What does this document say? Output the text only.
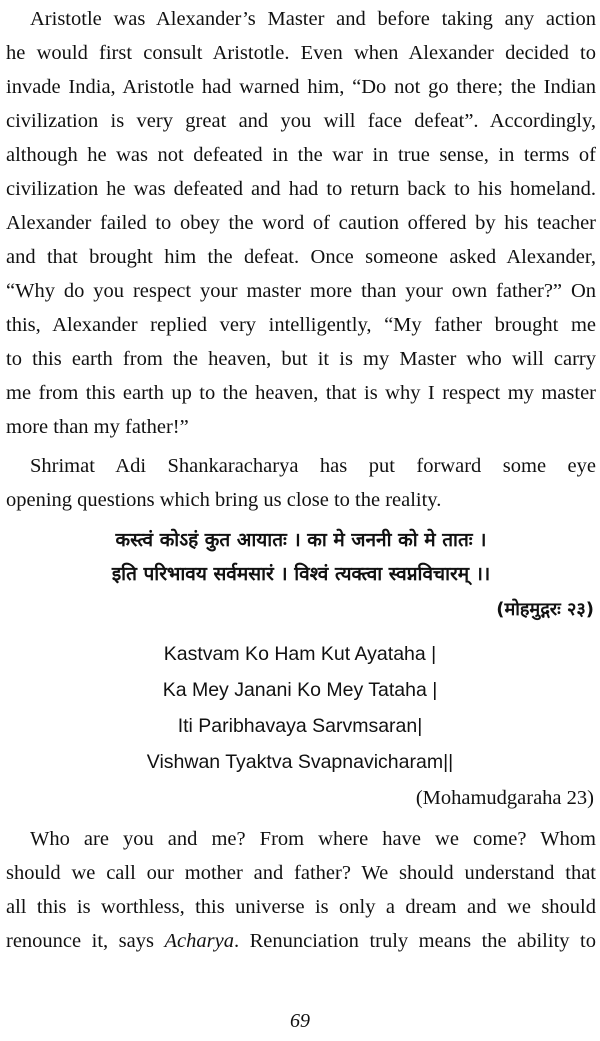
Aristotle was Alexander’s Master and before taking any action
he would first consult Aristotle. Even when Alexander decided to
invade India, Aristotle had warned him, “Do not go there; the Indian
civilization is very great and you will face defeat”. Accordingly,
although he was not defeated in the war in true sense, in terms of
civilization he was defeated and had to return back to his homeland.
Alexander failed to obey the word of caution offered by his teacher
and that brought him the defeat. Once someone asked Alexander,
“Why do you respect your master more than your own father?” On
this, Alexander replied very intelligently, “My father brought me
to this earth from the heaven, but it is my Master who will carry
me from this earth up to the heaven, that is why I respect my master
more than my father!”
Shrimat Adi Shankaracharya has put forward some eye
opening questions which bring us close to the reality.
कस्त्वं कोऽहं कुत आयातः । का मे जननी को मे तातः ।
इति परिभावय सर्वमसारं । विश्वं त्यक्त्वा स्वप्नविचारम् ।।
(मोहमुद्गरः २३)
Kastvam Ko Ham Kut Ayataha |
Ka Mey Janani Ko Mey Tataha |
Iti Paribhavaya Sarvmsaran|
Vishwan Tyaktva Svapnavicharam||
(Mohamudgaraha 23)
Who are you and me? From where have we come? Whom
should we call our mother and father? We should understand that
all this is worthless, this universe is only a dream and we should
renounce it, says Acharya. Renunciation truly means the ability to
69
